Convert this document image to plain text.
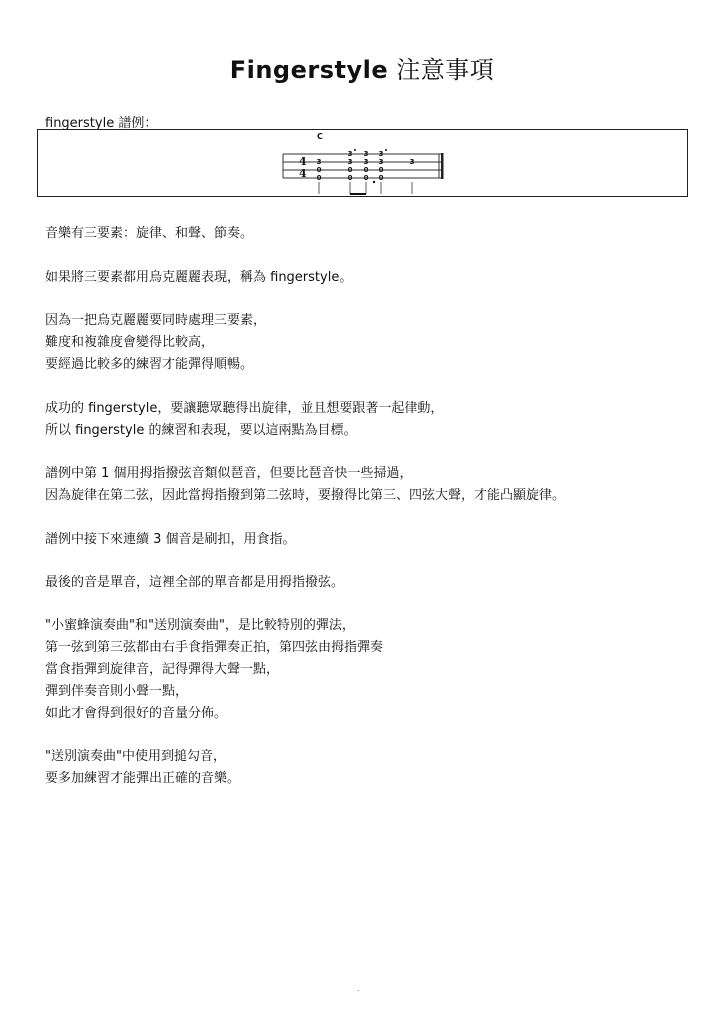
Fingerstyle 注意事項
fingerstyle 譜例：
C
4
4
3
0
0
3
3
0
0
3
3
0
0
3
3
0
0
3
音樂有三要素：旋律、和聲、節奏。
如果將三要素都用烏克麗麗表現，稱為 fingerstyle。
因為一把烏克麗麗要同時處理三要素，
難度和複雜度會變得比較高，
要經過比較多的練習才能彈得順暢。
成功的 fingerstyle，要讓聽眾聽得出旋律，並且想要跟著一起律動，
所以 fingerstyle 的練習和表現，要以這兩點為目標。
譜例中第 1 個用拇指撥弦音類似琶音，但要比琶音快一些掃過，
因為旋律在第二弦，因此當拇指撥到第二弦時，要撥得比第三、四弦大聲，才能凸顯旋律。
譜例中接下來連續 3 個音是刷扣，用食指。
最後的音是單音，這裡全部的單音都是用拇指撥弦。
"小蜜蜂演奏曲"和"送別演奏曲"，是比較特別的彈法，
第一弦到第三弦都由右手食指彈奏正拍，第四弦由拇指彈奏
當食指彈到旋律音，記得彈得大聲一點，
彈到伴奏音則小聲一點，
如此才會得到很好的音量分佈。
"送別演奏曲"中使用到搥勾音，
要多加練習才能彈出正確的音樂。
.
